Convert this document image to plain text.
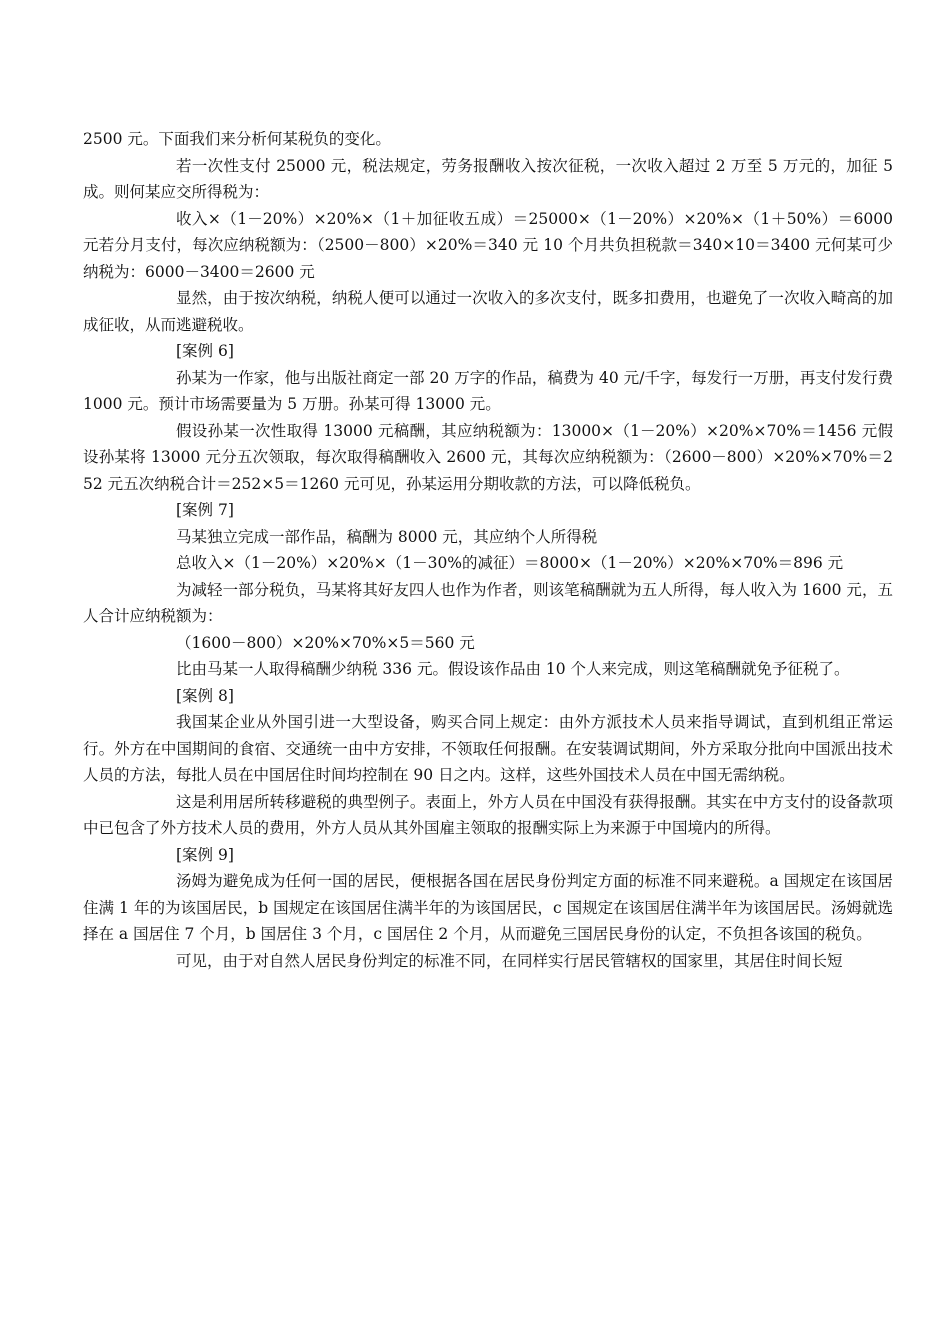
2500 元。下面我们来分析何某税负的变化。

若一次性支付 25000 元，税法规定，劳务报酬收入按次征税，一次收入超过 2 万至 5 万元的，加征 5 成。则何某应交所得税为：

收入×（1－20%）×20%×（1＋加征收五成）＝25000×（1－20%）×20%×（1＋50%）＝6000 元若分月支付，每次应纳税额为：（2500－800）×20%＝340 元 10 个月共负担税款＝340×10＝3400 元何某可少纳税为：6000－3400＝2600 元

显然，由于按次纳税，纳税人便可以通过一次收入的多次支付，既多扣费用，也避免了一次收入畸高的加成征收，从而逃避税收。

[案例 6]

孙某为一作家，他与出版社商定一部 20 万字的作品，稿费为 40 元/千字，每发行一万册，再支付发行费 1000 元。预计市场需要量为 5 万册。孙某可得 13000 元。

假设孙某一次性取得 13000 元稿酬，其应纳税额为：13000×（1－20%）×20%×70%＝1456 元假设孙某将 13000 元分五次领取，每次取得稿酬收入 2600 元，其每次应纳税额为：（2600－800）×20%×70%＝252 元五次纳税合计＝252×5＝1260 元可见，孙某运用分期收款的方法，可以降低税负。

[案例 7]

马某独立完成一部作品，稿酬为 8000 元，其应纳个人所得税

总收入×（1－20%）×20%×（1－30%的减征）＝8000×（1－20%）×20%×70%＝896 元

为减轻一部分税负，马某将其好友四人也作为作者，则该笔稿酬就为五人所得，每人收入为 1600 元，五人合计应纳税额为：

（1600－800）×20%×70%×5＝560 元

比由马某一人取得稿酬少纳税 336 元。假设该作品由 10 个人来完成，则这笔稿酬就免予征税了。

[案例 8]

我国某企业从外国引进一大型设备，购买合同上规定：由外方派技术人员来指导调试，直到机组正常运行。外方在中国期间的食宿、交通统一由中方安排，不领取任何报酬。在安装调试期间，外方采取分批向中国派出技术人员的方法，每批人员在中国居住时间均控制在 90 日之内。这样，这些外国技术人员在中国无需纳税。

这是利用居所转移避税的典型例子。表面上，外方人员在中国没有获得报酬。其实在中方支付的设备款项中已包含了外方技术人员的费用，外方人员从其外国雇主领取的报酬实际上为来源于中国境内的所得。

[案例 9]

汤姆为避免成为任何一国的居民，便根据各国在居民身份判定方面的标准不同来避税。a 国规定在该国居住满 1 年的为该国居民，b 国规定在该国居住满半年的为该国居民，c 国规定在该国居住满半年为该国居民。汤姆就选择在 a 国居住 7 个月，b 国居住 3 个月，c 国居住 2 个月，从而避免三国居民身份的认定，不负担各该国的税负。

可见，由于对自然人居民身份判定的标准不同，在同样实行居民管辖权的国家里，其居住时间长短
